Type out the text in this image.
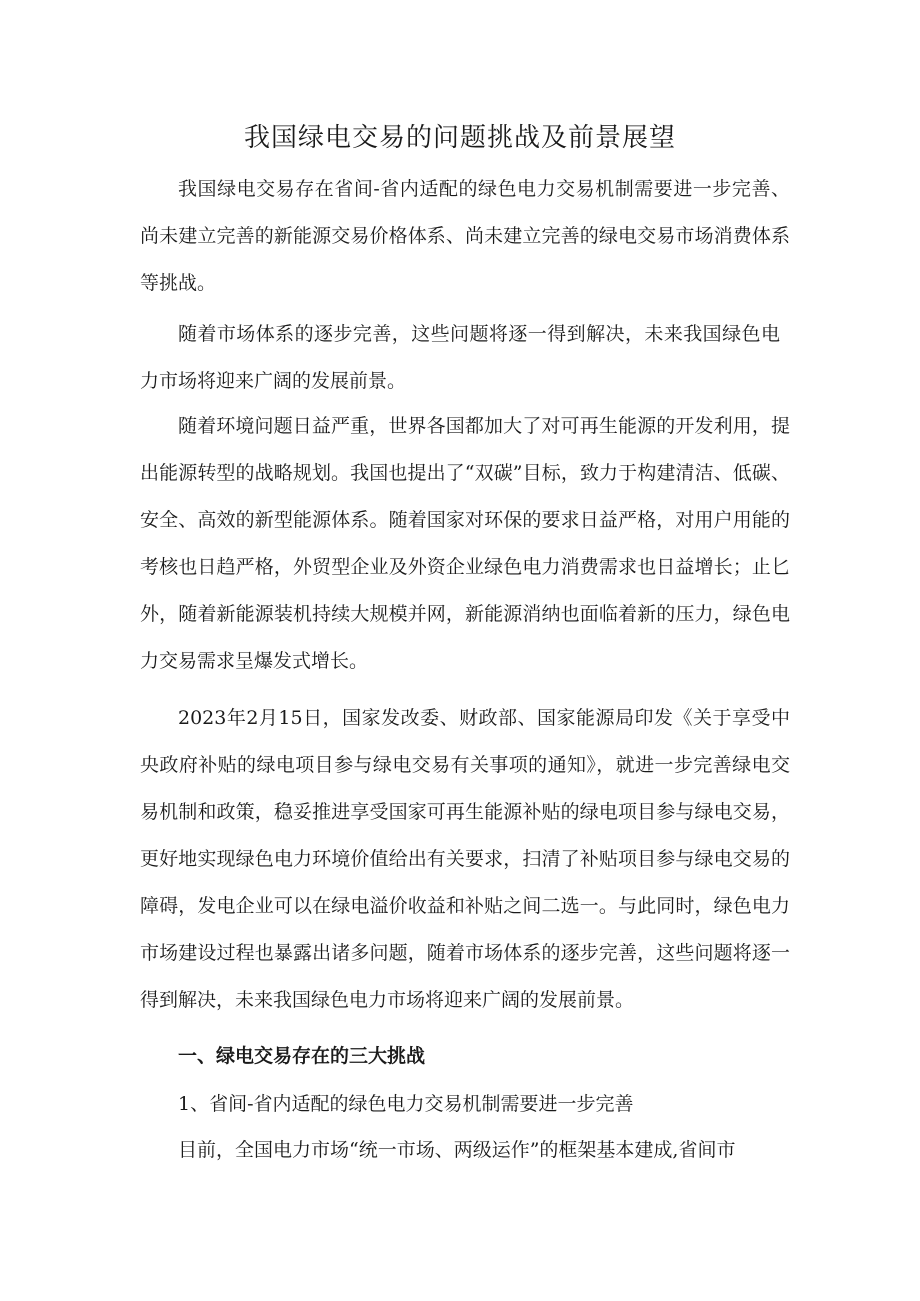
我国绿电交易的问题挑战及前景展望

我国绿电交易存在省间-省内适配的绿色电力交易机制需要进一步完善、尚未建立完善的新能源交易价格体系、尚未建立完善的绿电交易市场消费体系等挑战。

随着市场体系的逐步完善，这些问题将逐一得到解决，未来我国绿色电力市场将迎来广阔的发展前景。

随着环境问题日益严重，世界各国都加大了对可再生能源的开发利用，提出能源转型的战略规划。我国也提出了“双碳”目标，致力于构建清洁、低碳、安全、高效的新型能源体系。随着国家对环保的要求日益严格，对用户用能的考核也日趋严格，外贸型企业及外资企业绿色电力消费需求也日益增长；止匕外，随着新能源装机持续大规模并网，新能源消纳也面临着新的压力，绿色电力交易需求呈爆发式增长。

2023年2月15日，国家发改委、财政部、国家能源局印发《关于享受中央政府补贴的绿电项目参与绿电交易有关事项的通知》，就进一步完善绿电交易机制和政策，稳妥推进享受国家可再生能源补贴的绿电项目参与绿电交易，更好地实现绿色电力环境价值给出有关要求，扫清了补贴项目参与绿电交易的障碍，发电企业可以在绿电溢价收益和补贴之间二选一。与此同时，绿色电力市场建设过程也暴露出诸多问题，随着市场体系的逐步完善，这些问题将逐一得到解决，未来我国绿色电力市场将迎来广阔的发展前景。

一、绿电交易存在的三大挑战

1、省间-省内适配的绿色电力交易机制需要进一步完善

目前，全国电力市场“统一市场、两级运作”的框架基本建成,省间市
